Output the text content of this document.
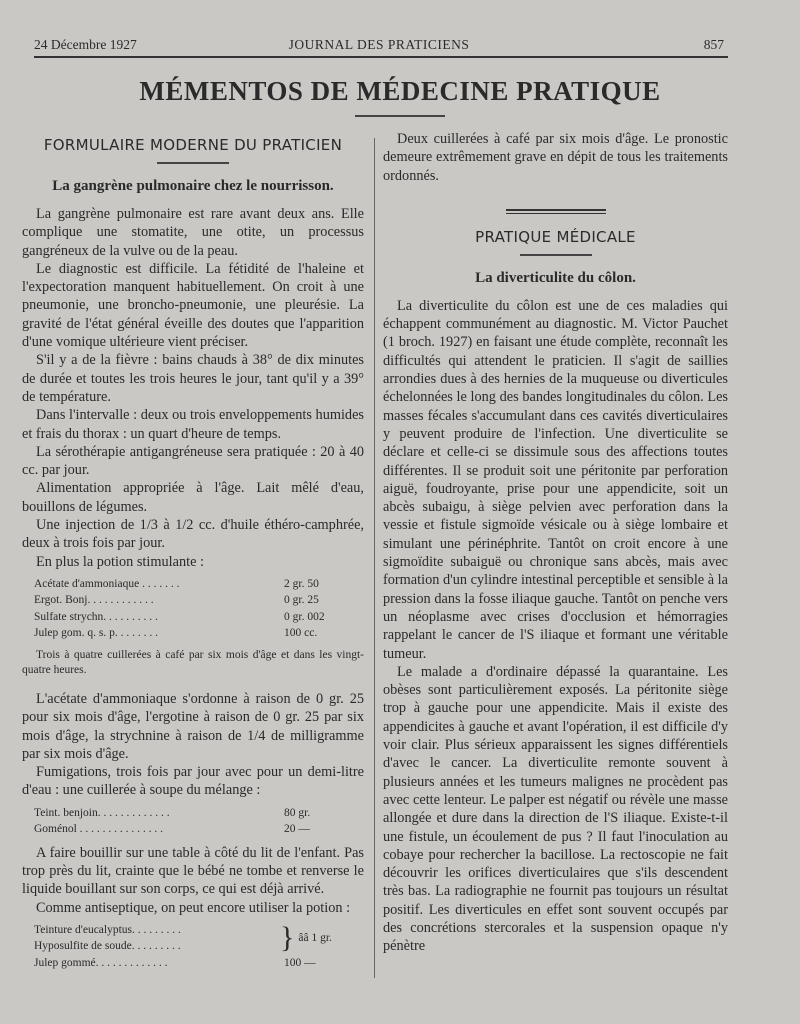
24 Décembre 1927	JOURNAL DES PRATICIENS	857
MÉMENTOS DE MÉDECINE PRATIQUE
FORMULAIRE MODERNE DU PRATICIEN
La gangrène pulmonaire chez le nourrisson.

La gangrène pulmonaire est rare avant deux ans. Elle complique une stomatite, une otite, un processus gangréneux de la vulve ou de la peau.

Le diagnostic est difficile. La fétidité de l'haleine et l'expectoration manquent habituellement. On croit à une pneumonie, une broncho-pneumonie, une pleurésie. La gravité de l'état général éveille des doutes que l'apparition d'une vomique ultérieure vient préciser.

S'il y a de la fièvre : bains chauds à 38° de dix minutes de durée et toutes les trois heures le jour, tant qu'il y a 39° de température.

Dans l'intervalle : deux ou trois enveloppements humides et frais du thorax : un quart d'heure de temps.

La sérothérapie antigangréneuse sera pratiquée : 20 à 40 cc. par jour.

Alimentation appropriée à l'âge. Lait mêlé d'eau, bouillons de légumes.

Une injection de 1/3 à 1/2 cc. d'huile éthéro-camphrée, deux à trois fois par jour.

En plus la potion stimulante :

Acétate d'ammoniaque . . . . . . .	2 gr. 50
Ergot. Bonj. . . . . . . . . . . .	0 gr. 25
Sulfate strychn. . . . . . . . . .	0 gr. 002
Julep gom. q. s. p. . . . . . . .	100 cc.
Trois à quatre cuillerées à café par six mois d'âge et dans les vingt-quatre heures.

L'acétate d'ammoniaque s'ordonne à raison de 0 gr. 25 pour six mois d'âge, l'ergotine à raison de 0 gr. 25 par six mois d'âge, la strychnine à raison de 1/4 de milligramme par six mois d'âge.

Fumigations, trois fois par jour avec pour un demi-litre d'eau : une cuillerée à soupe du mélange :

Teint. benjoin. . . . . . . . . . . . .	80 gr.
Goménol . . . . . . . . . . . . . . .	20 —

A faire bouillir sur une table à côté du lit de l'enfant. Pas trop près du lit, crainte que le bébé ne tombe et renverse le liquide bouillant sur son corps, ce qui est déjà arrivé.

Comme antiseptique, on peut encore utiliser la potion :

Teinture d'eucalyptus. . . . . . . . .
Hyposulfite de soude. . . . . . . . .	} ââ 1 gr.
Julep gommé. . . . . . . . . . . . .	100 —

Deux cuillerées à café par six mois d'âge. Le pronostic demeure extrêmement grave en dépit de tous les traitements ordonnés.

PRATIQUE MÉDICALE
La diverticulite du côlon.

La diverticulite du côlon est une de ces maladies qui échappent communément au diagnostic. M. Victor Pauchet (1 broch. 1927) en faisant une étude complète, reconnaît les difficultés qui attendent le praticien. Il s'agit de saillies arrondies dues à des hernies de la muqueuse ou diverticules échelonnées le long des bandes longitudinales du côlon. Les masses fécales s'accumulant dans ces cavités diverticulaires y peuvent produire de l'infection. Une diverticulite se déclare et celle-ci se dissimule sous des affections toutes différentes. Il se produit soit une péritonite par perforation aiguë, foudroyante, prise pour une appendicite, soit un abcès subaigu, à siège pelvien avec perforation dans la vessie et fistule sigmoïde vésicale ou à siège lombaire et simulant une périnéphrite. Tantôt on croit encore à une sigmoïdite subaiguë ou chronique sans abcès, mais avec formation d'un cylindre intestinal perceptible et sensible à la pression dans la fosse iliaque gauche. Tantôt on penche vers un néoplasme avec crises d'occlusion et hémorragies rappelant le cancer de l'S iliaque et formant une véritable tumeur.

Le malade a d'ordinaire dépassé la quarantaine. Les obèses sont particulièrement exposés. La péritonite siège trop à gauche pour une appendicite. Mais il existe des appendicites à gauche et avant l'opération, il est difficile d'y voir clair. Plus sérieux apparaissent les signes différentiels d'avec le cancer. La diverticulite remonte souvent à plusieurs années et les tumeurs malignes ne procèdent pas avec cette lenteur. Le palper est négatif ou révèle une masse allongée et dure dans la direction de l'S iliaque. Existe-t-il une fistule, un écoulement de pus ? Il faut l'inoculation au cobaye pour rechercher la bacillose. La rectoscopie ne fait découvrir les orifices diverticulaires que s'ils descendent très bas. La radiographie ne fournit pas toujours un résultat positif. Les diverticules en effet sont souvent occupés par des concrétions stercorales et la suspension opaque n'y pénètre
